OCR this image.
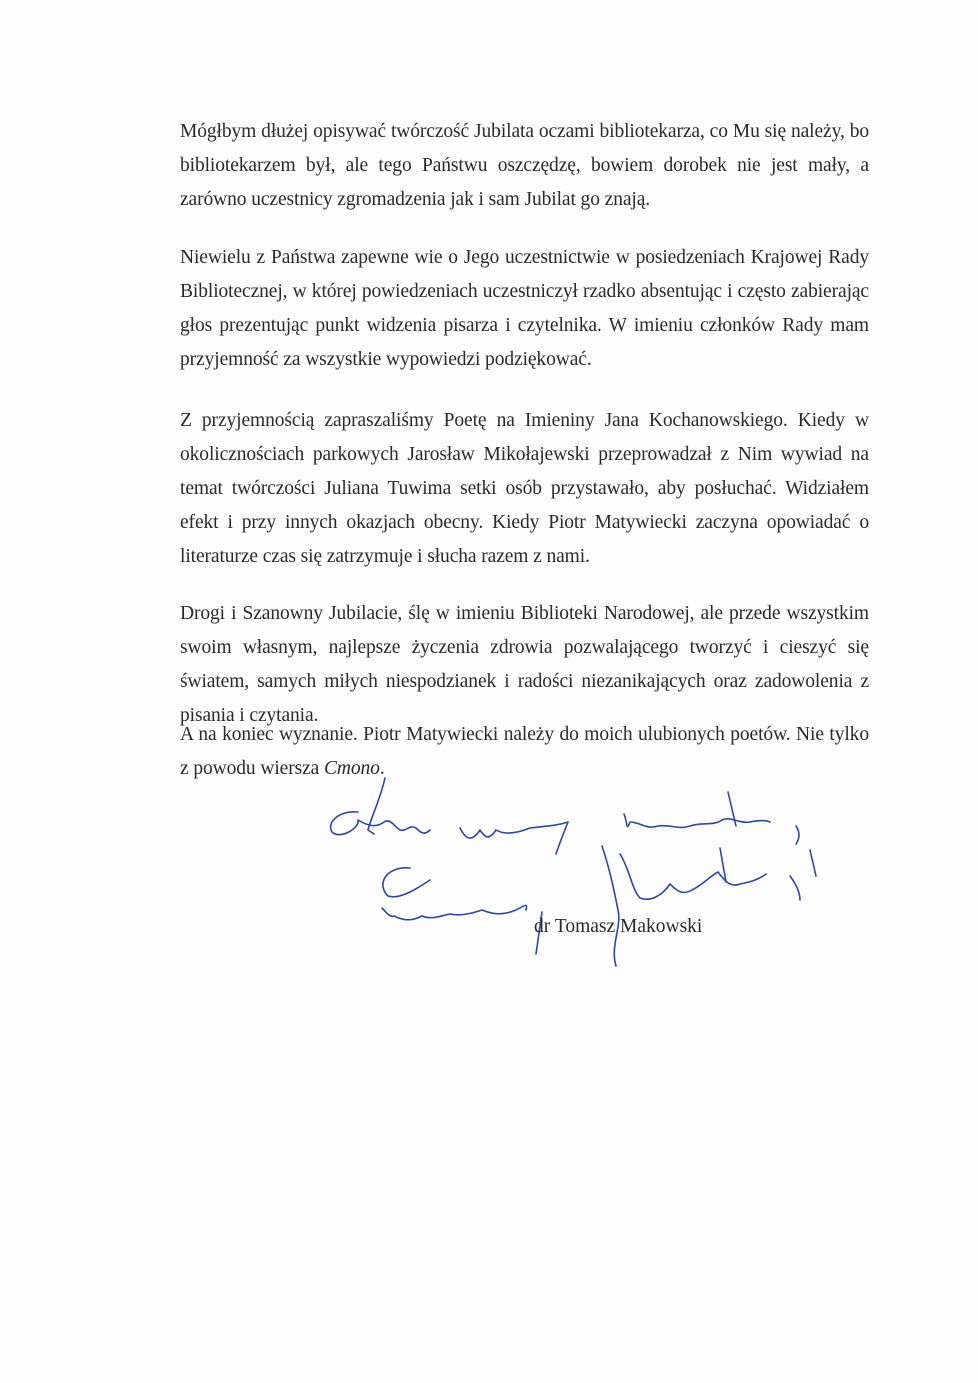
Mógłbym dłużej opisywać twórczość Jubilata oczami bibliotekarza, co Mu się należy, bo bibliotekarzem był, ale tego Państwu oszczędzę, bowiem dorobek nie jest mały, a zarówno uczestnicy zgromadzenia jak i sam Jubilat go znają.
Niewielu z Państwa zapewne wie o Jego uczestnictwie w posiedzeniach Krajowej Rady Bibliotecznej, w której powiedzeniach uczestniczył rzadko absentując i często zabierając głos prezentując punkt widzenia pisarza i czytelnika. W imieniu członków Rady mam przyjemność za wszystkie wypowiedzi podziękować.
Z przyjemnością zapraszaliśmy Poetę na Imieniny Jana Kochanowskiego. Kiedy w okolicznościach parkowych Jarosław Mikołajewski przeprowadzał z Nim wywiad na temat twórczości Juliana Tuwima setki osób przystawało, aby posłuchać. Widziałem efekt i przy innych okazjach obecny. Kiedy Piotr Matywiecki zaczyna opowiadać o literaturze czas się zatrzymuje i słucha razem z nami.
Drogi i Szanowny Jubilacie, ślę w imieniu Biblioteki Narodowej, ale przede wszystkim swoim własnym, najlepsze życzenia zdrowia pozwalającego tworzyć i cieszyć się światem, samych miłych niespodzianek i radości niezanikających oraz zadowolenia z pisania i czytania.
A na koniec wyznanie. Piotr Matywiecki należy do moich ulubionych poetów. Nie tylko z powodu wiersza Cmono.
dr Tomasz Makowski
